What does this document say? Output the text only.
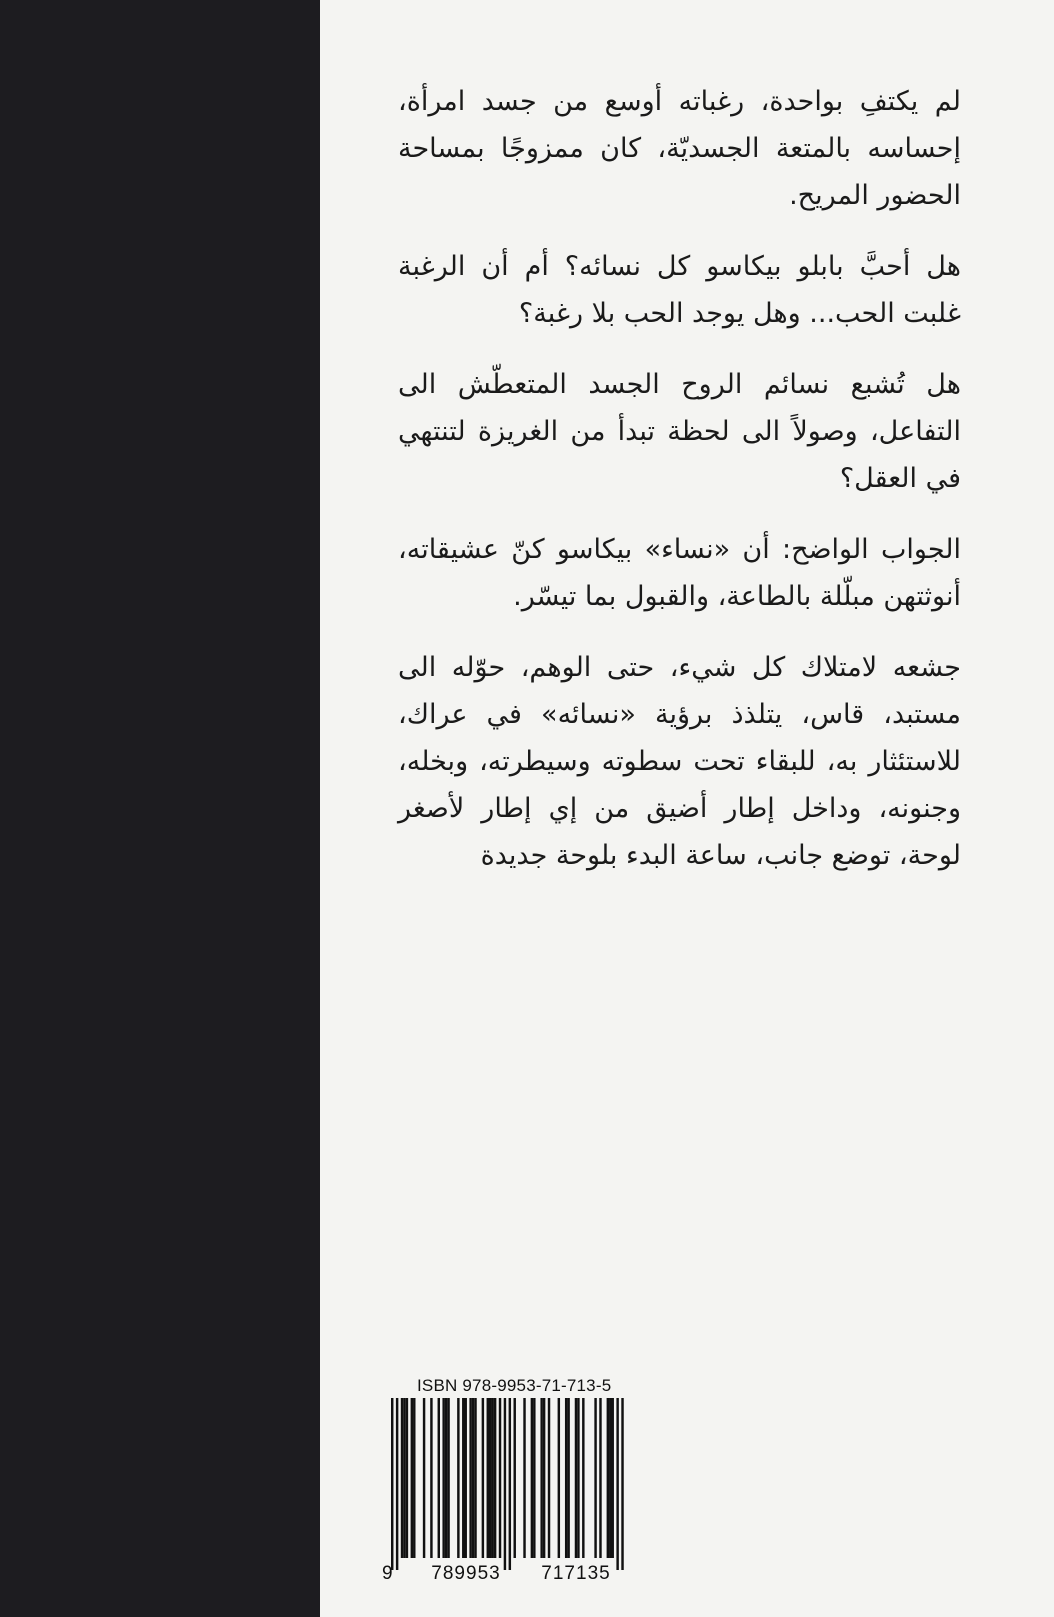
لم يكتفِ بواحدة، رغباته أوسع من جسد امرأة، إحساسه بالمتعة الجسديّة، كان ممزوجًا بمساحة الحضور المريح.

هل أحبَّ بابلو بيكاسو كل نسائه؟ أم أن الرغبة غلبت الحب... وهل يوجد الحب بلا رغبة؟

هل تُشبع نسائم الروح الجسد المتعطّش الى التفاعل، وصولاً الى لحظة تبدأ من الغريزة لتنتهي في العقل؟

الجواب الواضح: أن «نساء» بيكاسو كنّ عشيقاته، أنوثتهن مبلّلة بالطاعة، والقبول بما تيسّر.

جشعه لامتلاك كل شيء، حتى الوهم، حوّله الى مستبد، قاس، يتلذذ برؤية «نسائه» في عراك، للاستئثار به، للبقاء تحت سطوته وسيطرته، وبخله، وجنونه، وداخل إطار أضيق من إي إطار لأصغر لوحة، توضع جانب، ساعة البدء بلوحة جديدة

ISBN 978-9953-71-713-5
9	789953	717135
